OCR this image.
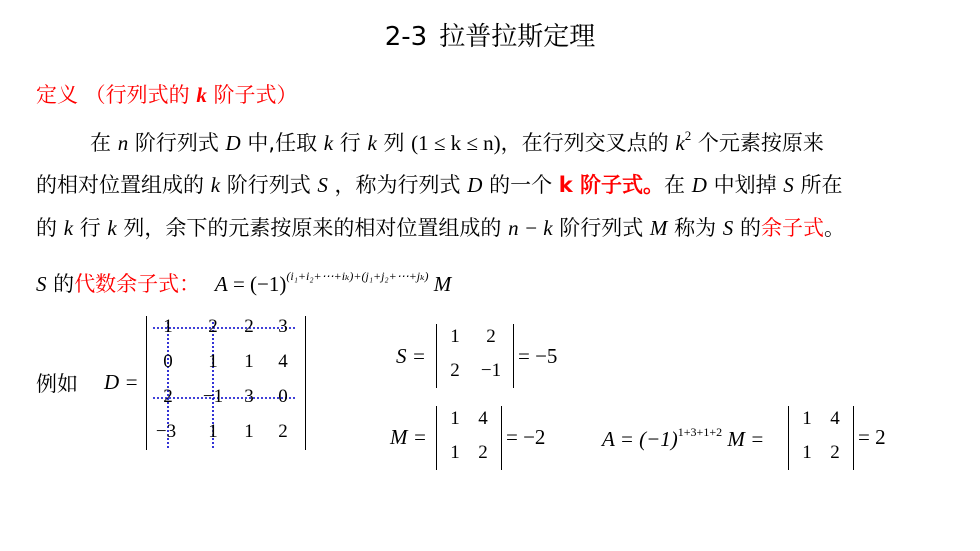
2-3 拉普拉斯定理
定义 （行列式的 k 阶子式）
在 n 阶行列式 D 中,任取 k 行 k 列 (1 ≤ k ≤ n)，在行列交叉点的 $k^2$ 个元素按原来
的相对位置组成的 k 阶行列式 S ，称为行列式 D 的一个 k 阶子式。在 D 中划掉 S 所在
的 k 行 k 列，余下的元素按原来的相对位置组成的 n − k 阶行列式 M 称为 S 的余子式。
S 的代数余子式： $A = (-1)^{(i_1+i_2+\cdots+i_k)+(j_1+j_2+\cdots+j_k)}$ M
例如 D =
1	2	2	3
0	1	1	4
2	−1	3	0
−3	1	1	2
S =
1	2
2	−1
= −5
M =
1 4
1 2
= −2	$A = (-1)^{1+3+1+2}$ M =
1 4
1 2
= 2
